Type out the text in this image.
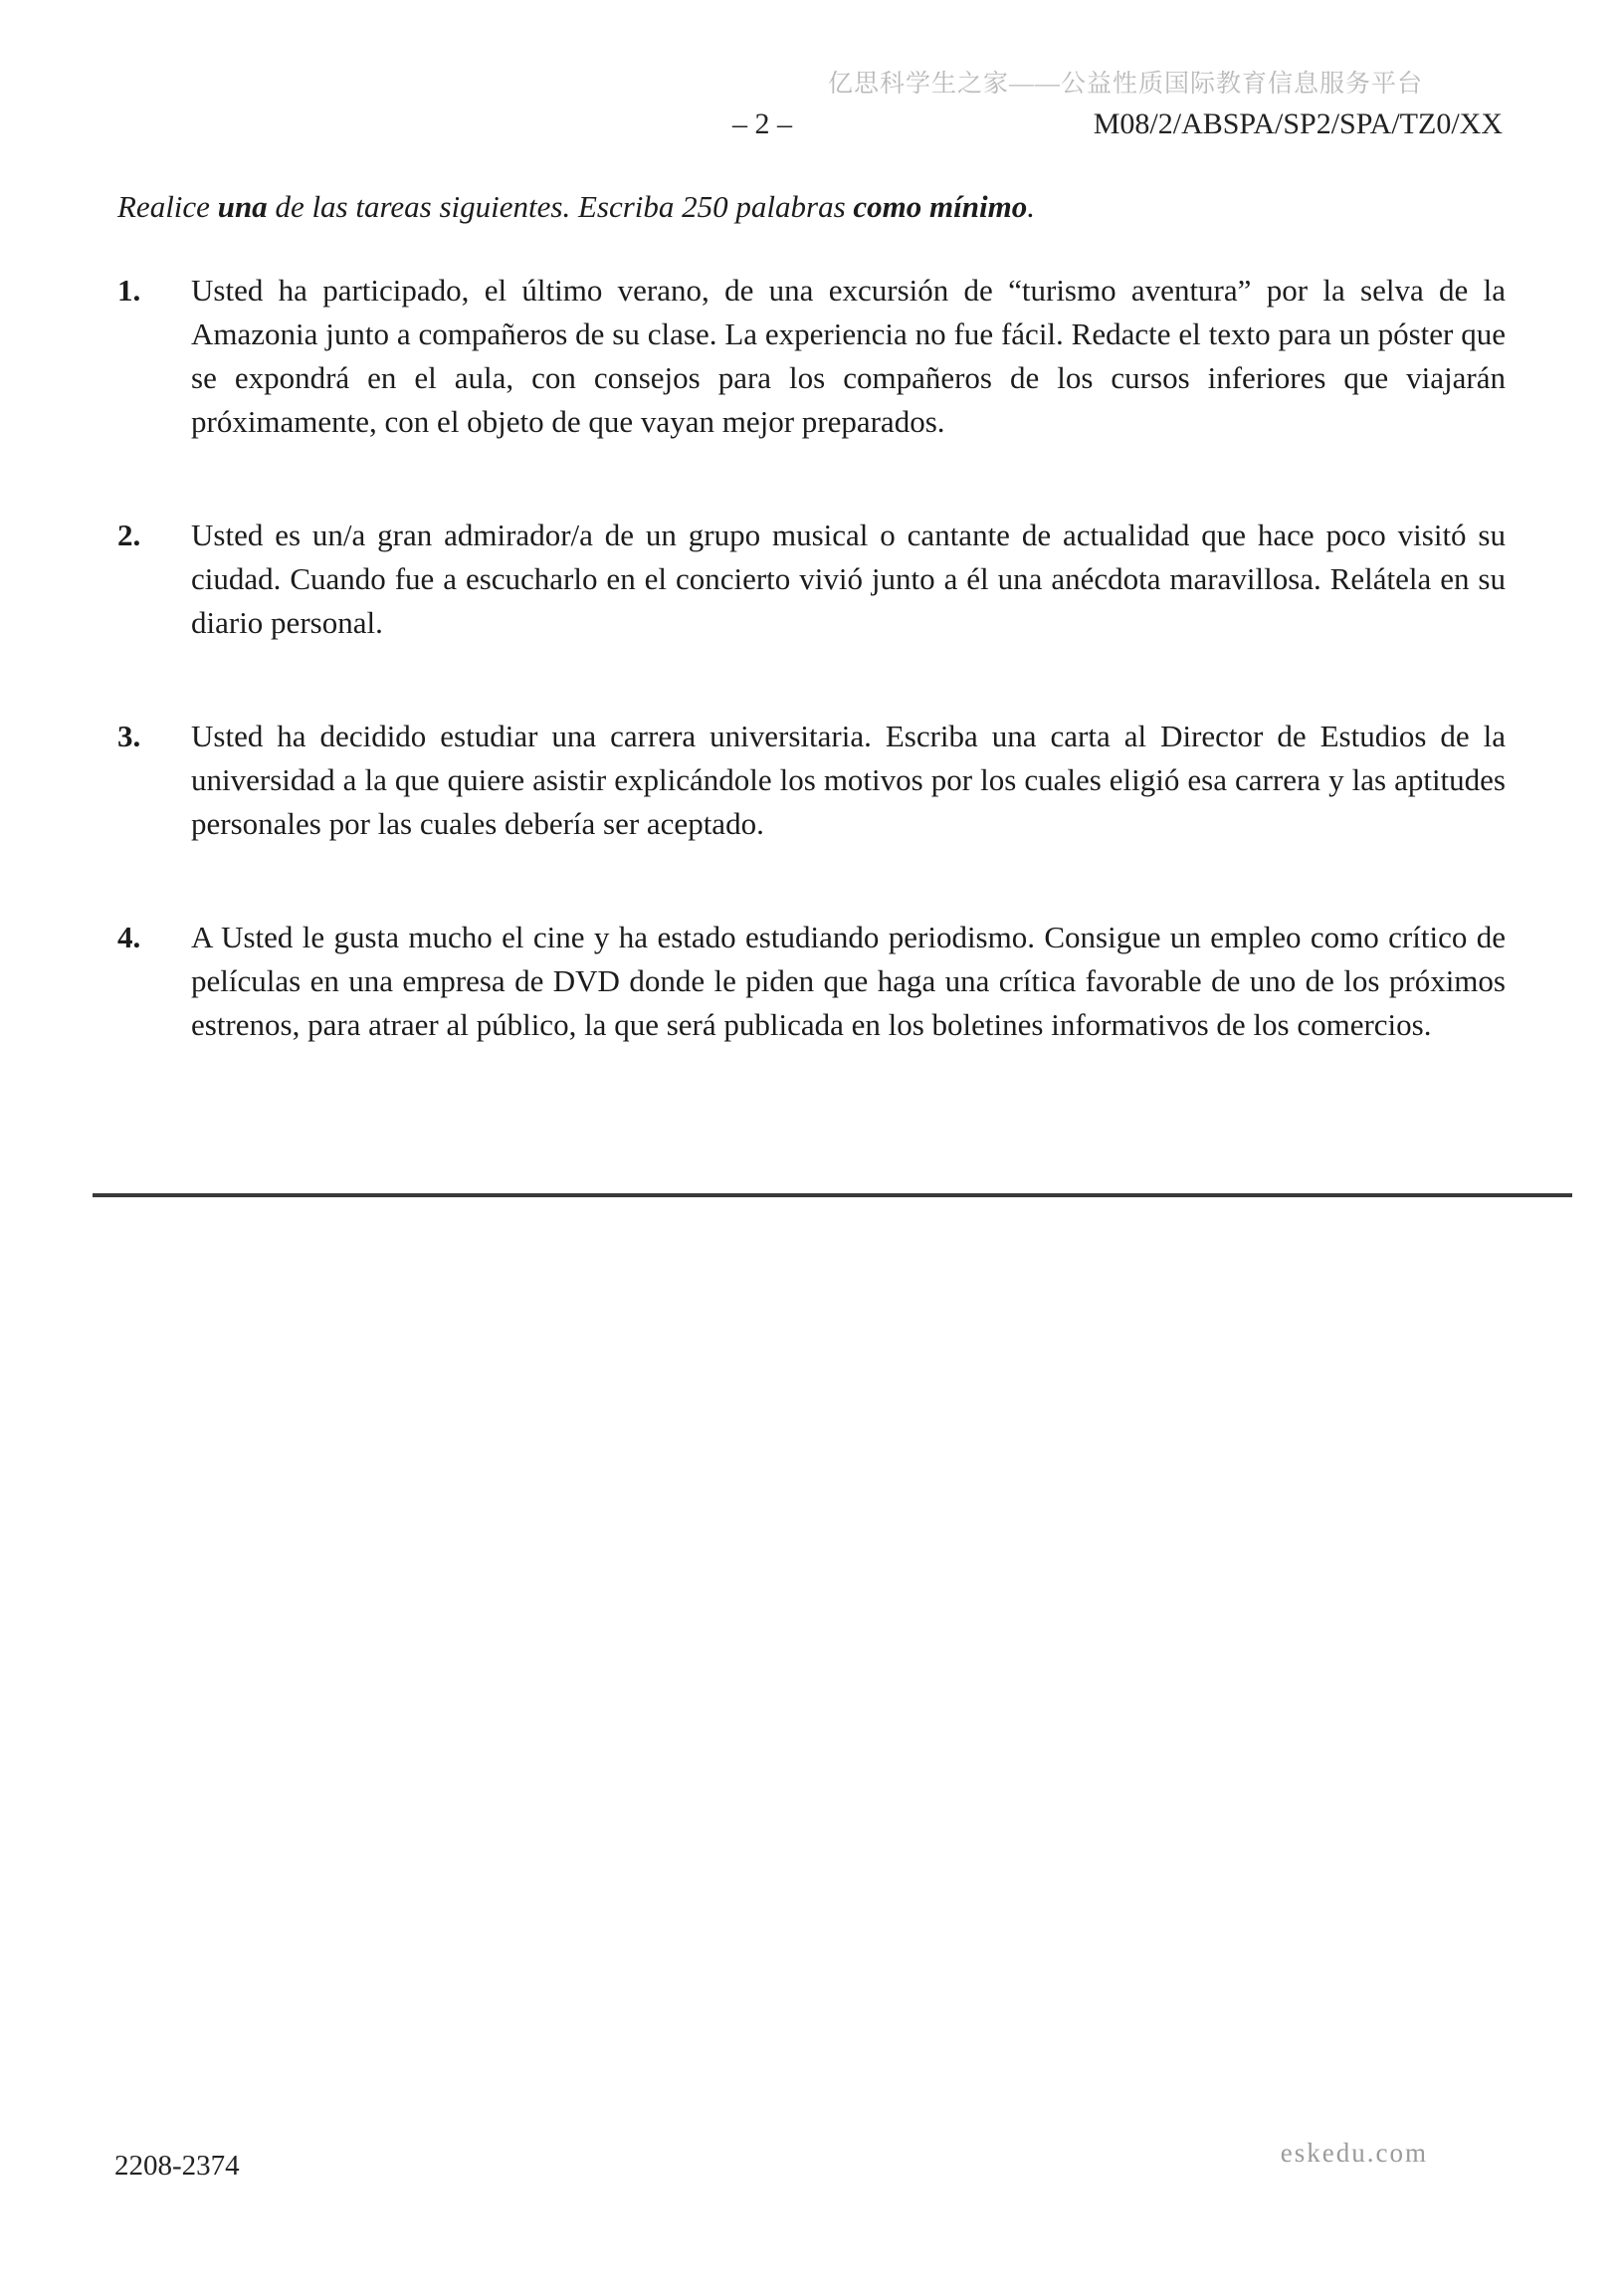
亿思科学生之家——公益性质国际教育信息服务平台
– 2 –	M08/2/ABSPA/SP2/SPA/TZ0/XX

Realice una de las tareas siguientes. Escriba 250 palabras como mínimo.

1. Usted ha participado, el último verano, de una excursión de “turismo aventura” por la selva de la Amazonia junto a compañeros de su clase. La experiencia no fue fácil. Redacte el texto para un póster que se expondrá en el aula, con consejos para los compañeros de los cursos inferiores que viajarán próximamente, con el objeto de que vayan mejor preparados.
2. Usted es un/a gran admirador/a de un grupo musical o cantante de actualidad que hace poco visitó su ciudad. Cuando fue a escucharlo en el concierto vivió junto a él una anécdota maravillosa. Relátela en su diario personal.
3. Usted ha decidido estudiar una carrera universitaria. Escriba una carta al Director de Estudios de la universidad a la que quiere asistir explicándole los motivos por los cuales eligió esa carrera y las aptitudes personales por las cuales debería ser aceptado.
4. A Usted le gusta mucho el cine y ha estado estudiando periodismo. Consigue un empleo como crítico de películas en una empresa de DVD donde le piden que haga una crítica favorable de uno de los próximos estrenos, para atraer al público, la que será publicada en los boletines informativos de los comercios.
2208-2374	eskedu.com
